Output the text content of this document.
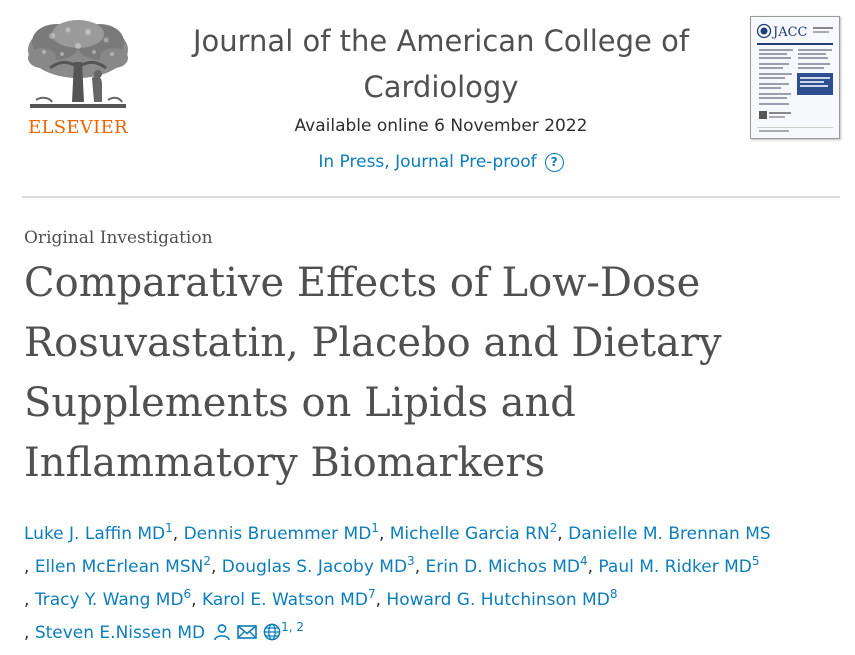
ELSEVIER
Journal of the American College of
Cardiology
Available online 6 November 2022
In Press, Journal Pre-proof	?
JACC
Original Investigation
Comparative Effects of Low-Dose
Rosuvastatin, Placebo and Dietary
Supplements on Lipids and
Inflammatory Biomarkers
Luke J. Laffin $MD^1$, Dennis Bruemmer $MD^1$, Michelle Garcia $RN^2$, Danielle M. Brennan MS
, Ellen McErlean MSN$^2$, Douglas S. Jacoby $MD^3$, Erin D. Michos $MD^4$, Paul M. Ridker $MD^5$
, Tracy Y. Wang $MD^6$, Karol E. Watson $MD^7$, Howard G. Hutchinson $MD^8$
, Steven E.Nissen MD	$^{1, 2}$
